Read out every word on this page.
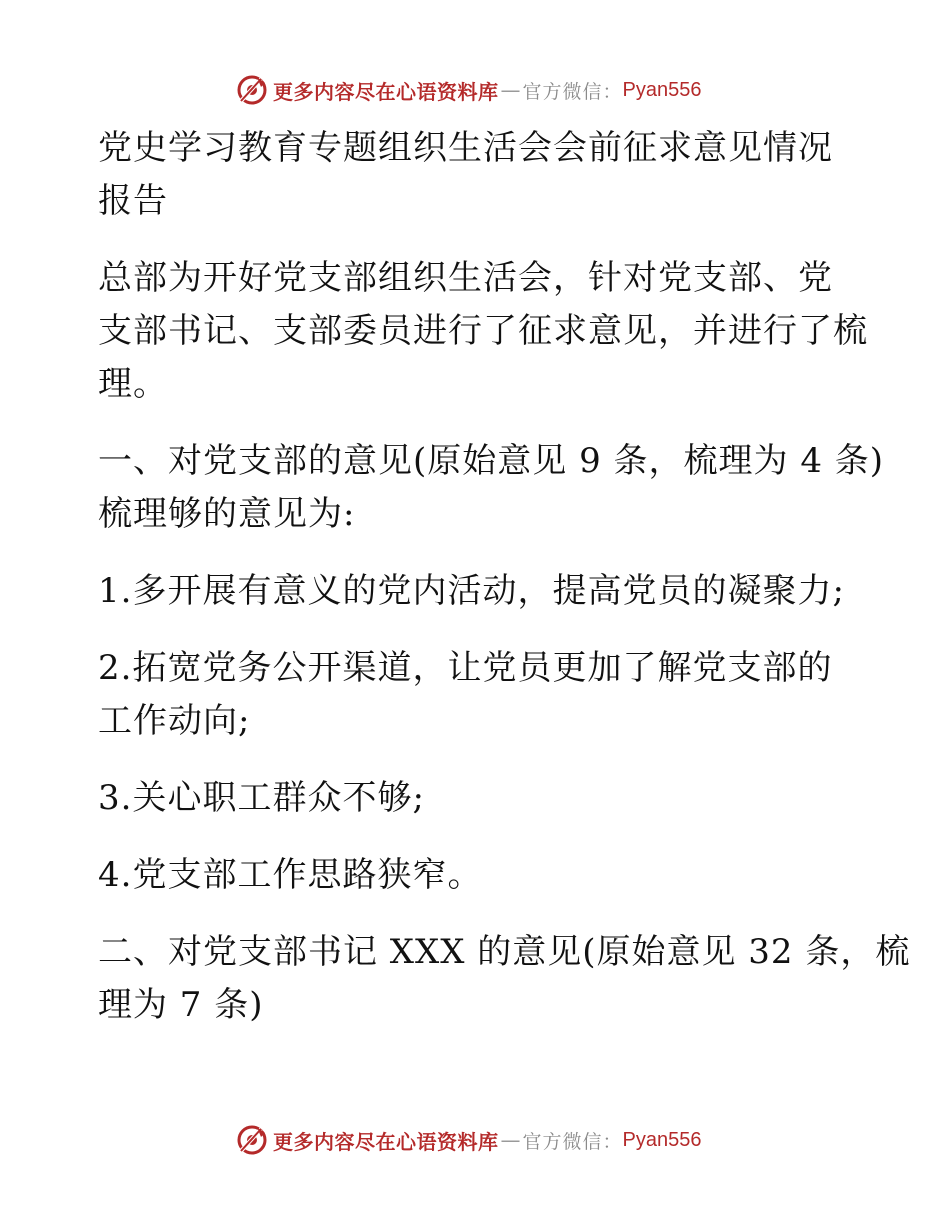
更多内容尽在心语资料库 — 官方微信： Pyan556

党史学习教育专题组织生活会会前征求意见情况
报告

总部为开好党支部组织生活会，针对党支部、党
支部书记、支部委员进行了征求意见，并进行了梳
理。

一、对党支部的意见(原始意见 9 条，梳理为 4 条)
梳理够的意见为:

1.多开展有意义的党内活动，提高党员的凝聚力;

2.拓宽党务公开渠道，让党员更加了解党支部的
工作动向;

3.关心职工群众不够;

4.党支部工作思路狭窄。

二、对党支部书记 XXX 的意见(原始意见 32 条，梳
理为 7 条)

更多内容尽在心语资料库 — 官方微信： Pyan556
